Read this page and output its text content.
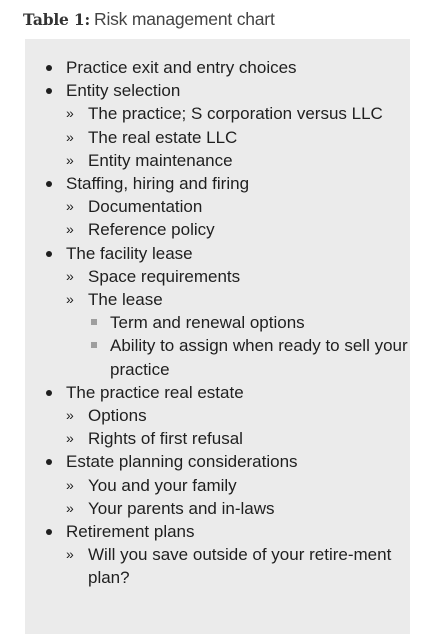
Table 1: Risk management chart
Practice exit and entry choices
Entity selection
» The practice; S corporation versus LLC
» The real estate LLC
» Entity maintenance
Staffing, hiring and firing
» Documentation
» Reference policy
The facility lease
» Space requirements
» The lease
Term and renewal options
Ability to assign when ready to sell your practice
The practice real estate
» Options
» Rights of first refusal
Estate planning considerations
» You and your family
» Your parents and in-laws
Retirement plans
» Will you save outside of your retire-ment plan?
